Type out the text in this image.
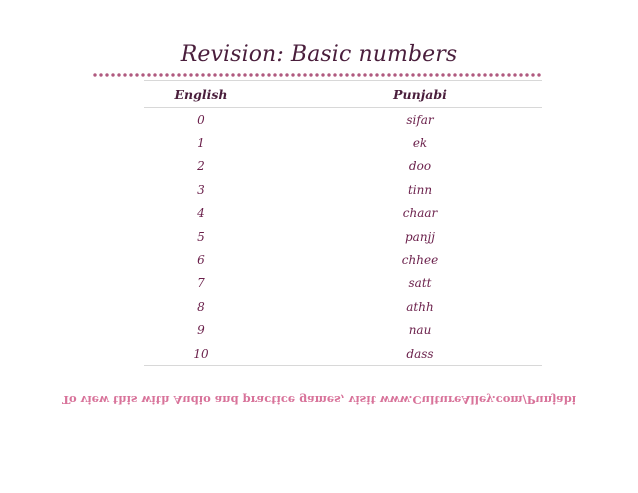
Revision: Basic numbers
English	Punjabi
0	sifar
1	ek
2	doo
3	tinn
4	chaar
5	panjj
6	chhee
7	satt
8	athh
9	nau
10	dass
To view this with Audio and practice games, visit www.CultureAlley.com/Punjabi
